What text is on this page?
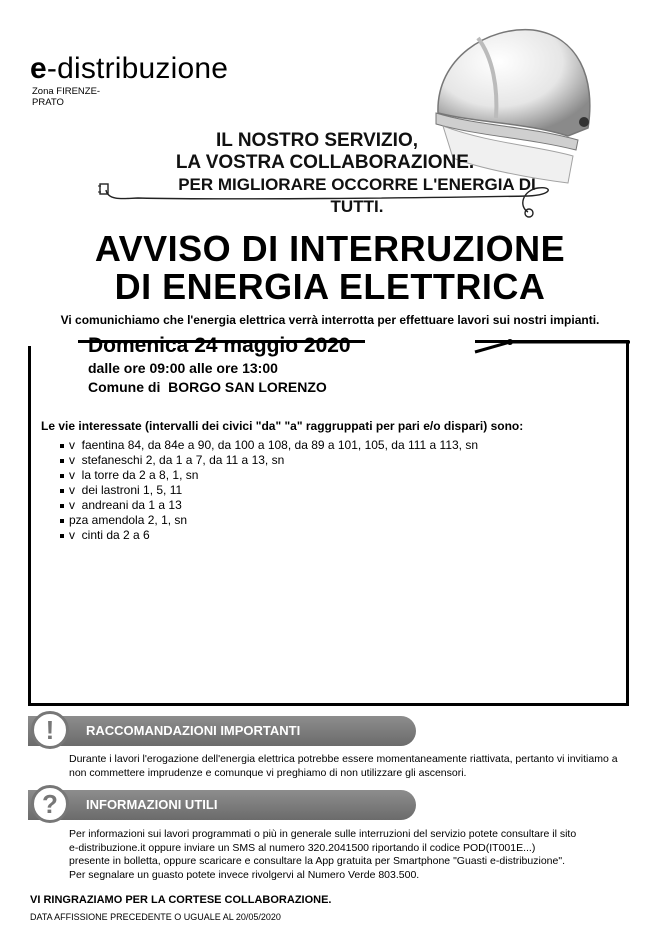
e-distribuzione
Zona FIRENZE-
PRATO
IL NOSTRO SERVIZIO,
LA VOSTRA COLLABORAZIONE.
PER MIGLIORARE OCCORRE L'ENERGIA DI TUTTI.
AVVISO DI INTERRUZIONE
DI ENERGIA ELETTRICA
Vi comunichiamo che l'energia elettrica verrà interrotta per effettuare lavori sui nostri impianti.
Domenica 24 maggio 2020
dalle ore 09:00 alle ore 13:00
Comune di  BORGO SAN LORENZO
Le vie interessate (intervalli dei civici "da" "a" raggruppati per pari e/o dispari) sono:
v  faentina 84, da 84e a 90, da 100 a 108, da 89 a 101, 105, da 111 a 113, sn
v  stefaneschi 2, da 1 a 7, da 11 a 13, sn
v  la torre da 2 a 8, 1, sn
v  dei lastroni 1, 5, 11
v  andreani da 1 a 13
pza amendola 2, 1, sn
v  cinti da 2 a 6
RACCOMANDAZIONI IMPORTANTI
!
Durante i lavori l'erogazione dell'energia elettrica potrebbe essere momentaneamente riattivata, pertanto vi invitiamo a non commettere imprudenze e comunque vi preghiamo di non utilizzare gli ascensori.
INFORMAZIONI UTILI
?
Per informazioni sui lavori programmati o più in generale sulle interruzioni del servizio potete consultare il sito
e-distribuzione.it oppure inviare un SMS al numero 320.2041500 riportando il codice POD(IT001E...)
presente in bolletta, oppure scaricare e consultare la App gratuita per Smartphone "Guasti e-distribuzione".
Per segnalare un guasto potete invece rivolgervi al Numero Verde 803.500.
VI RINGRAZIAMO PER LA CORTESE COLLABORAZIONE.
DATA AFFISSIONE PRECEDENTE O UGUALE AL 20/05/2020
